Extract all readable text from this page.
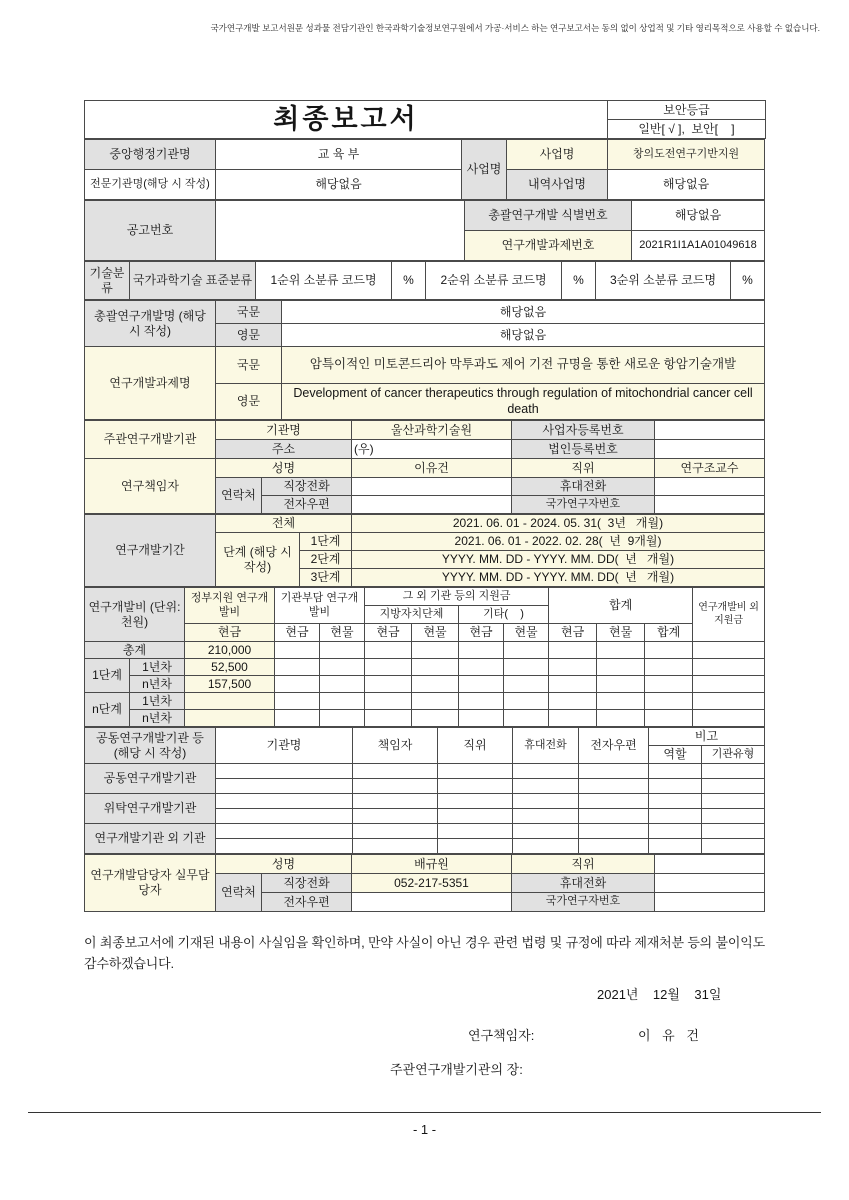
국가연구개발 보고서원문 성과물 전담기관인 한국과학기술정보연구원에서 가공·서비스 하는 연구보고서는 동의 없이 상업적 및 기타 영리목적으로 사용할 수 없습니다.
최종보고서	보안등급
일반[ √ ],  보안[    ]
중앙행정기관명	교 육 부	사업명	사업명	창의도전연구기반지원
전문기관명(해당 시 작성)	해당없음		내역사업명	해당없음
공고번호		총괄연구개발 식별번호	해당없음
		연구개발과제번호	2021R1I1A1A01049618
기술분류	국가과학기술 표준분류	1순위 소분류 코드명	%	2순위 소분류 코드명	%	3순위 소분류 코드명	%
총괄연구개발명 (해당 시 작성)	국문	해당없음
	영문	해당없음
연구개발과제명	국문	암특이적인 미토콘드리아 막투과도 제어 기전 규명을 통한 새로운 항암기술개발
	영문	Development of cancer therapeutics through regulation of mitochondrial cancer cell death
주관연구개발기관	기관명		울산과학기술원	사업자등록번호	
	주소		(우)	법인등록번호	
연구책임자	성명		이유건	직위	연구조교수
	연락처	직장전화		휴대전화	
		전자우편		국가연구자번호	
연구개발기간	전체		2021. 06. 01 - 2024. 05. 31(  3년   개월)
	단계 (해당 시 작성)	1단계	2021. 06. 01 - 2022. 02. 28(  년  9개월)
		2단계	YYYY. MM. DD - YYYY. MM. DD(  년   개월)
		3단계	YYYY. MM. DD - YYYY. MM. DD(  년   개월)
연구개발비 (단위: 천원)		정부지원 연구개발비	기관부담 연구개발비		그 외 기관 등의 지원금				합계			연구개발비 외 지원금
					지방자치단체		기타(    )					
		현금	현금	현물	현금	현물	현금	현물	현금	현물	합계	
총계		210,000										
1단계	1년차	52,500										
	n년차	157,500										
n단계	1년차											
	n년차											
공동연구개발기관 등 (해당 시 작성)	기관명	책임자	직위	휴대전화	전자우편	비고	
						역할	기관유형
공동연구개발기관							

위탁연구개발기관							

연구개발기관 외 기관							

연구개발담당자 실무담당자	성명		배규원	직위	
	연락처	직장전화	052-217-5351	휴대전화	
		전자우편		국가연구자번호	
이 최종보고서에 기재된 내용이 사실임을 확인하며, 만약 사실이 아닌 경우 관련 법령 및 규정에 따라 제재처분 등의 불이익도 감수하겠습니다.
2021년    12월    31일
연구책임자:	이 유 건
주관연구개발기관의 장:
- 1 -
